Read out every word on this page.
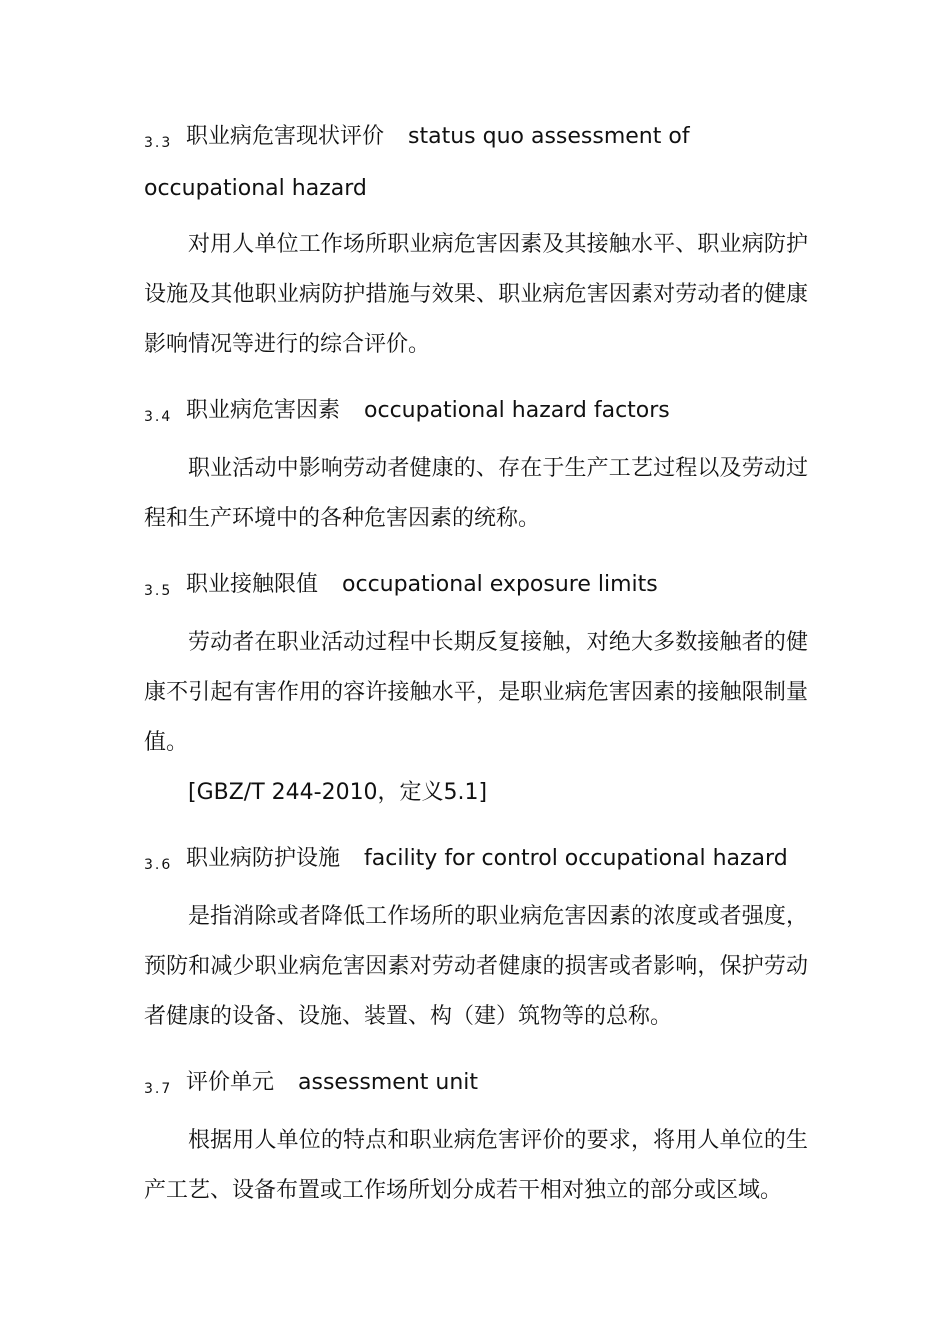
3.3 职业病危害现状评价 status quo assessment of occupational hazard
对用人单位工作场所职业病危害因素及其接触水平、职业病防护设施及其他职业病防护措施与效果、职业病危害因素对劳动者的健康影响情况等进行的综合评价。
3.4 职业病危害因素 occupational hazard factors
职业活动中影响劳动者健康的、存在于生产工艺过程以及劳动过程和生产环境中的各种危害因素的统称。
3.5 职业接触限值 occupational exposure limits
劳动者在职业活动过程中长期反复接触，对绝大多数接触者的健康不引起有害作用的容许接触水平，是职业病危害因素的接触限制量值。
[GBZ/T 244-2010，定义5.1]
3.6 职业病防护设施 facility for control occupational hazard
是指消除或者降低工作场所的职业病危害因素的浓度或者强度，预防和减少职业病危害因素对劳动者健康的损害或者影响，保护劳动者健康的设备、设施、装置、构（建）筑物等的总称。
3.7 评价单元 assessment unit
根据用人单位的特点和职业病危害评价的要求，将用人单位的生产工艺、设备布置或工作场所划分成若干相对独立的部分或区域。
